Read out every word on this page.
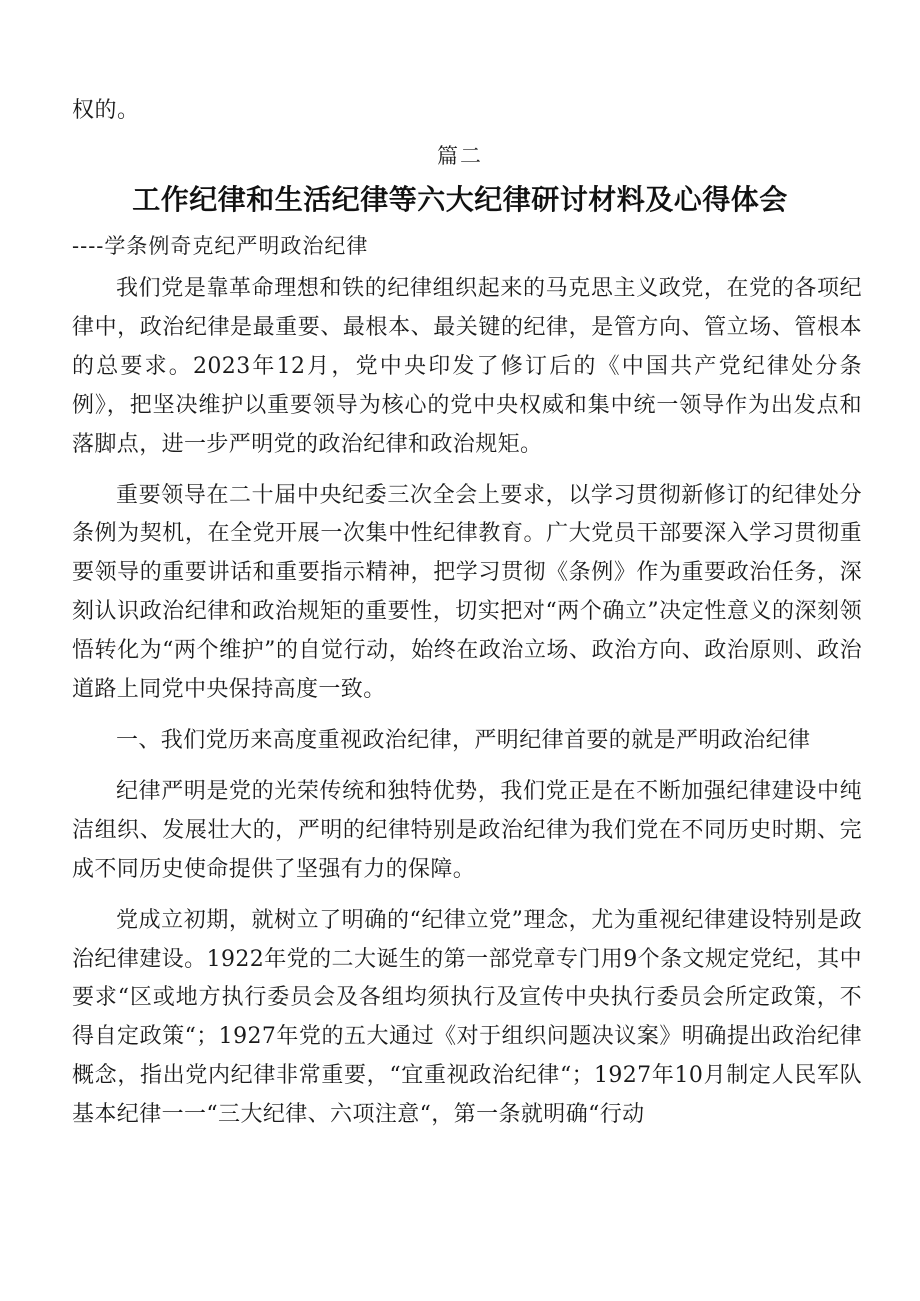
权的。
篇二
工作纪律和生活纪律等六大纪律研讨材料及心得体会
----学条例奇克纪严明政治纪律

我们党是靠革命理想和铁的纪律组织起来的马克思主义政党，在党的各项纪律中，政治纪律是最重要、最根本、最关键的纪律，是管方向、管立场、管根本的总要求。2023年12月，党中央印发了修订后的《中国共产党纪律处分条例》，把坚决维护以重要领导为核心的党中央权威和集中统一领导作为出发点和落脚点，进一步严明党的政治纪律和政治规矩。

重要领导在二十届中央纪委三次全会上要求，以学习贯彻新修订的纪律处分条例为契机，在全党开展一次集中性纪律教育。广大党员干部要深入学习贯彻重要领导的重要讲话和重要指示精神，把学习贯彻《条例》作为重要政治任务，深刻认识政治纪律和政治规矩的重要性，切实把对“两个确立”决定性意义的深刻领悟转化为“两个维护”的自觉行动，始终在政治立场、政治方向、政治原则、政治道路上同党中央保持高度一致。

一、我们党历来高度重视政治纪律，严明纪律首要的就是严明政治纪律

纪律严明是党的光荣传统和独特优势，我们党正是在不断加强纪律建设中纯洁组织、发展壮大的，严明的纪律特别是政治纪律为我们党在不同历史时期、完成不同历史使命提供了坚强有力的保障。

党成立初期，就树立了明确的“纪律立党”理念，尤为重视纪律建设特别是政治纪律建设。1922年党的二大诞生的第一部党章专门用9个条文规定党纪，其中要求“区或地方执行委员会及各组均须执行及宣传中央执行委员会所定政策，不得自定政策“；1927年党的五大通过《对于组织问题决议案》明确提出政治纪律概念，指出党内纪律非常重要，“宜重视政治纪律“；1927年10月制定人民军队基本纪律一一“三大纪律、六项注意“，第一条就明确“行动
